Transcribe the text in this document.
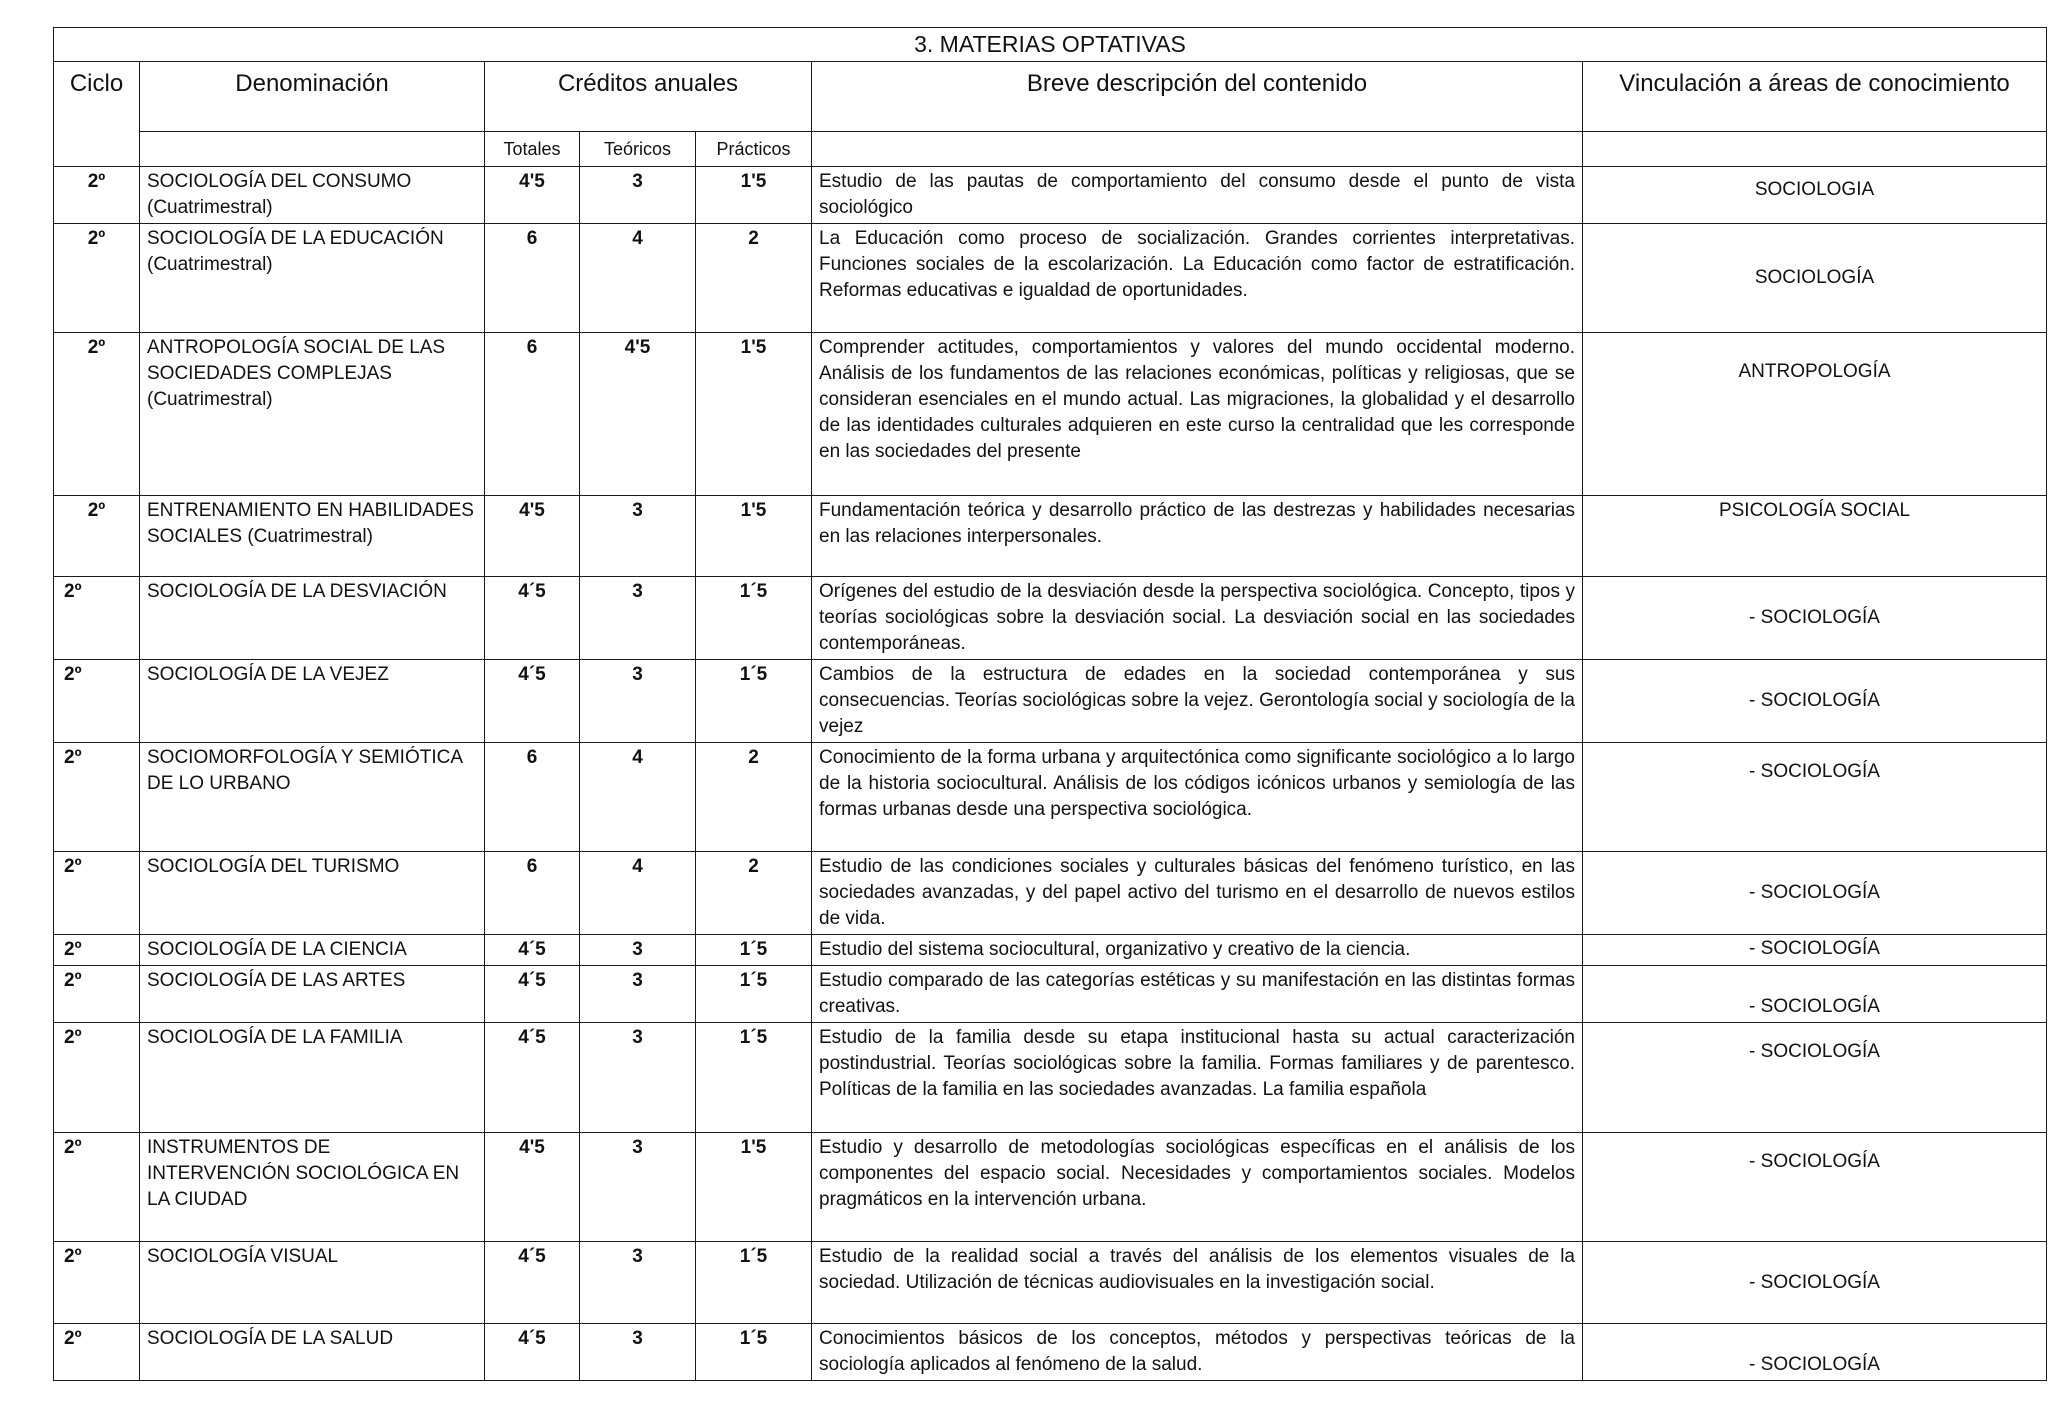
3. MATERIAS OPTATIVAS						
Ciclo	Denominación	Créditos anuales			Breve descripción del contenido	Vinculación a áreas de conocimiento
		Totales	Teóricos	Prácticos		
2º	SOCIOLOGÍA DEL CONSUMO (Cuatrimestral)	4'5	3	1'5	Estudio de las pautas de comportamiento del consumo desde el punto de vista sociológico	SOCIOLOGIA
2º	SOCIOLOGÍA DE LA EDUCACIÓN (Cuatrimestral)	6	4	2	La Educación como proceso de socialización. Grandes corrientes interpretativas. Funciones sociales de la escolarización. La Educación como factor de estratificación. Reformas educativas e igualdad de oportunidades.	SOCIOLOGÍA
2º	ANTROPOLOGÍA SOCIAL DE LAS SOCIEDADES COMPLEJAS (Cuatrimestral)	6	4'5	1'5	Comprender actitudes, comportamientos y valores del mundo occidental moderno. Análisis de los fundamentos de las relaciones económicas, políticas y religiosas, que se consideran esenciales en el mundo actual. Las migraciones, la globalidad y el desarrollo de las identidades culturales adquieren en este curso la centralidad que les corresponde en las sociedades del presente	ANTROPOLOGÍA
2º	ENTRENAMIENTO EN HABILIDADES SOCIALES (Cuatrimestral)	4'5	3	1'5	Fundamentación teórica y desarrollo práctico de las destrezas y habilidades necesarias en las relaciones interpersonales.	PSICOLOGÍA SOCIAL
2º	SOCIOLOGÍA DE LA DESVIACIÓN	4´5	3	1´5	Orígenes del estudio de la desviación desde la perspectiva sociológica. Concepto, tipos y teorías sociológicas sobre la desviación social. La desviación social en las sociedades contemporáneas.	- SOCIOLOGÍA
2º	SOCIOLOGÍA DE LA VEJEZ	4´5	3	1´5	Cambios de la estructura de edades en la sociedad contemporánea y sus consecuencias. Teorías sociológicas sobre la vejez. Gerontología social y sociología de la vejez	- SOCIOLOGÍA
2º	SOCIOMORFOLOGÍA Y SEMIÓTICA DE LO URBANO	6	4	2	Conocimiento de la forma urbana y arquitectónica como significante sociológico a lo largo de la historia sociocultural. Análisis de los códigos icónicos urbanos y semiología de las formas urbanas desde una perspectiva sociológica.	- SOCIOLOGÍA
2º	SOCIOLOGÍA DEL TURISMO	6	4	2	Estudio de las condiciones sociales y culturales básicas del fenómeno turístico, en las sociedades avanzadas, y del papel activo del turismo en el desarrollo de nuevos estilos de vida.	- SOCIOLOGÍA
2º	SOCIOLOGÍA DE LA CIENCIA	4´5	3	1´5	Estudio del sistema sociocultural, organizativo y creativo de la ciencia.	- SOCIOLOGÍA
2º	SOCIOLOGÍA DE LAS ARTES	4´5	3	1´5	Estudio comparado de las categorías estéticas y su manifestación en las distintas formas creativas.	- SOCIOLOGÍA
2º	SOCIOLOGÍA DE LA FAMILIA	4´5	3	1´5	Estudio de la familia desde su etapa institucional hasta su actual caracterización postindustrial. Teorías sociológicas sobre la familia. Formas familiares y de parentesco. Políticas de la familia en las sociedades avanzadas. La familia española	- SOCIOLOGÍA
2º	INSTRUMENTOS DE INTERVENCIÓN SOCIOLÓGICA EN LA CIUDAD	4'5	3	1'5	Estudio y desarrollo de metodologías sociológicas específicas en el análisis de los componentes del espacio social. Necesidades y comportamientos sociales. Modelos pragmáticos en la intervención urbana.	- SOCIOLOGÍA
2º	SOCIOLOGÍA VISUAL	4´5	3	1´5	Estudio de la realidad social a través del análisis de los elementos visuales de la sociedad. Utilización de técnicas audiovisuales en la investigación social.	- SOCIOLOGÍA
2º	SOCIOLOGÍA DE LA SALUD	4´5	3	1´5	Conocimientos básicos de los conceptos, métodos y perspectivas teóricas de la sociología aplicados al fenómeno de la salud.	- SOCIOLOGÍA
